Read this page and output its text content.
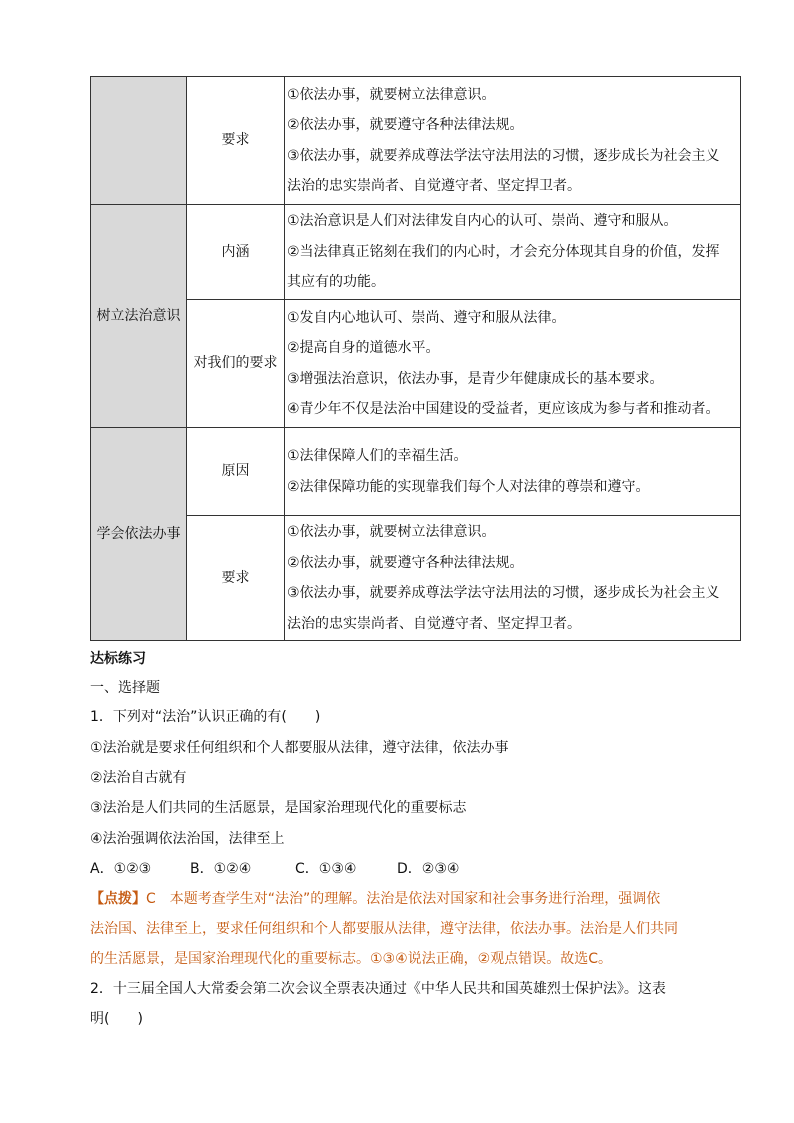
	要求	①依法办事，就要树立法律意识。
②依法办事，就要遵守各种法律法规。
③依法办事，就要养成尊法学法守法用法的习惯，逐步成长为社会主义
法治的忠实崇尚者、自觉遵守者、坚定捍卫者。

树立法治意识	内涵	①法治意识是人们对法律发自内心的认可、崇尚、遵守和服从。
②当法律真正铭刻在我们的内心时，才会充分体现其自身的价值，发挥
其应有的功能。

	对我们的要求	①发自内心地认可、崇尚、遵守和服从法律。
②提高自身的道德水平。
③增强法治意识，依法办事，是青少年健康成长的基本要求。
④青少年不仅是法治中国建设的受益者，更应该成为参与者和推动者。

学会依法办事	原因	①法律保障人们的幸福生活。
②法律保障功能的实现靠我们每个人对法律的尊崇和遵守。

	要求	①依法办事，就要树立法律意识。
②依法办事，就要遵守各种法律法规。
③依法办事，就要养成尊法学法守法用法的习惯，逐步成长为社会主义
法治的忠实崇尚者、自觉遵守者、坚定捍卫者。
达标练习
一、选择题
1．下列对“法治”认识正确的有(　　)
①法治就是要求任何组织和个人都要服从法律，遵守法律，依法办事
②法治自古就有
③法治是人们共同的生活愿景，是国家治理现代化的重要标志
④法治强调依法治国，法律至上
A．①②③	B．①②④	C．①③④	D．②③④
【点拨】C　本题考查学生对“法治”的理解。法治是依法对国家和社会事务进行治理，强调依
法治国、法律至上，要求任何组织和个人都要服从法律，遵守法律，依法办事。法治是人们共同
的生活愿景，是国家治理现代化的重要标志。①③④说法正确，②观点错误。故选C。
2．十三届全国人大常委会第二次会议全票表决通过《中华人民共和国英雄烈士保护法》。这表
明(　　)
